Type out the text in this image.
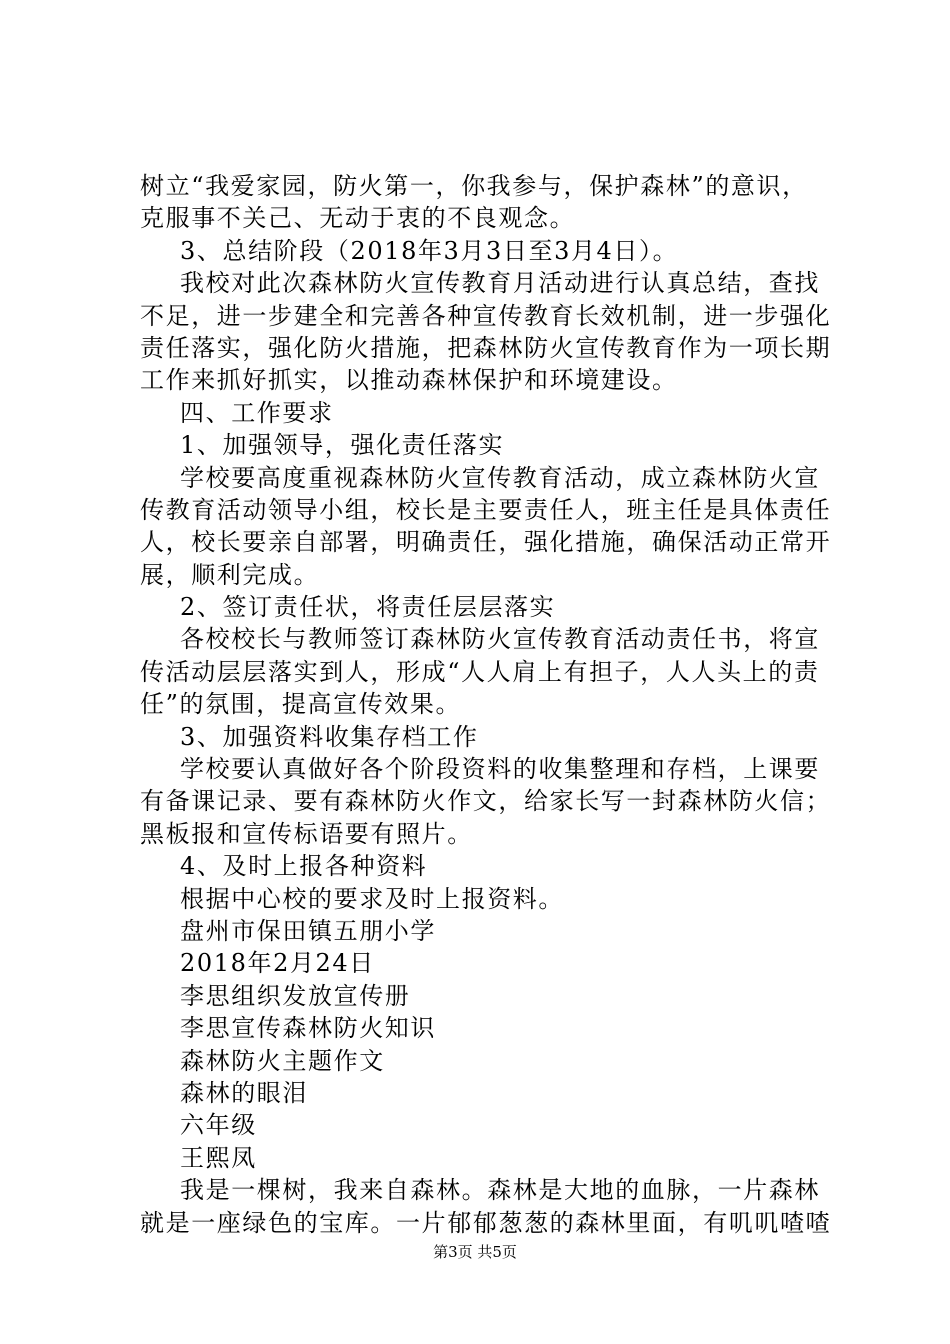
树立“我爱家园，防火第一，你我参与，保护森林”的意识，
克服事不关己、无动于衷的不良观念。
3、总结阶段（2018年3月3日至3月4日）。
我校对此次森林防火宣传教育月活动进行认真总结，查找
不足，进一步建全和完善各种宣传教育长效机制，进一步强化
责任落实，强化防火措施，把森林防火宣传教育作为一项长期
工作来抓好抓实，以推动森林保护和环境建设。
四、工作要求
1、加强领导，强化责任落实
学校要高度重视森林防火宣传教育活动，成立森林防火宣
传教育活动领导小组，校长是主要责任人，班主任是具体责任
人，校长要亲自部署，明确责任，强化措施，确保活动正常开
展，顺利完成。
2、签订责任状，将责任层层落实
各校校长与教师签订森林防火宣传教育活动责任书，将宣
传活动层层落实到人，形成“人人肩上有担子，人人头上的责
任”的氛围，提高宣传效果。
3、加强资料收集存档工作
学校要认真做好各个阶段资料的收集整理和存档，上课要
有备课记录、要有森林防火作文，给家长写一封森林防火信；
黑板报和宣传标语要有照片。
4、及时上报各种资料
根据中心校的要求及时上报资料。
盘州市保田镇五朋小学
2018年2月24日
李思组织发放宣传册
李思宣传森林防火知识
森林防火主题作文
森林的眼泪
六年级
王熙凤
我是一棵树，我来自森林。森林是大地的血脉，一片森林
就是一座绿色的宝库。一片郁郁葱葱的森林里面，有叽叽喳喳
第3页 共5页
